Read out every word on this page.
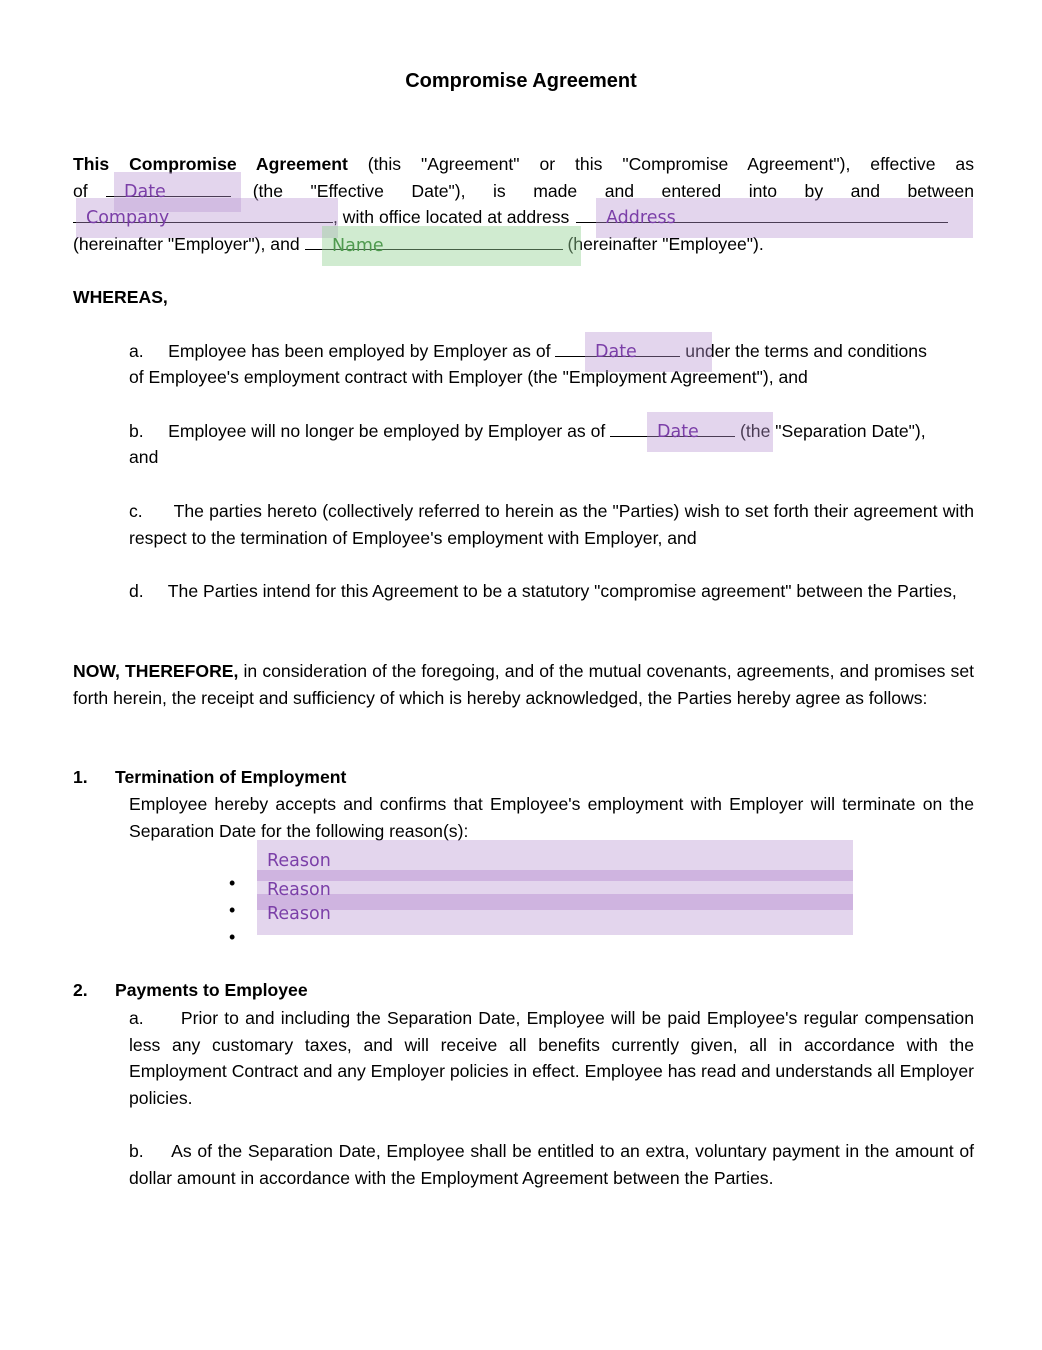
Compromise Agreement
This Compromise Agreement (this "Agreement" or this "Compromise Agreement"), effective as
of	(the "Effective Date"), is made and entered into by and between
, with office located at address
(hereinafter "Employer"), and	(hereinafter "Employee").
Date
Company	Address
Name
WHEREAS,
a.     Employee has been employed by Employer as of	under the terms and conditions
of Employee's employment contract with Employer (the "Employment Agreement"), and
Date
b.     Employee will no longer be employed by Employer as of	(the "Separation Date"),
and
Date
c.      The parties hereto (collectively referred to herein as the "Parties) wish to set forth their agreement with respect to the termination of Employee's employment with Employer, and
d.     The Parties intend for this Agreement to be a statutory "compromise agreement" between the Parties,
NOW, THEREFORE, in consideration of the foregoing, and of the mutual covenants, agreements, and promises set forth herein, the receipt and sufficiency of which is hereby acknowledged, the Parties hereby agree as follows:
1. Termination of Employment
Employee hereby accepts and confirms that Employee's employment with Employer will terminate on the Separation Date for the following reason(s):
Reason
Reason
Reason
•
•
•
2. Payments to Employee
a.      Prior to and including the Separation Date, Employee will be paid Employee's regular compensation less any customary taxes, and will receive all benefits currently given, all in accordance with the Employment Contract and any Employer policies in effect. Employee has read and understands all Employer policies.
b.     As of the Separation Date, Employee shall be entitled to an extra, voluntary payment in the amount of dollar amount in accordance with the Employment Agreement between the Parties.
